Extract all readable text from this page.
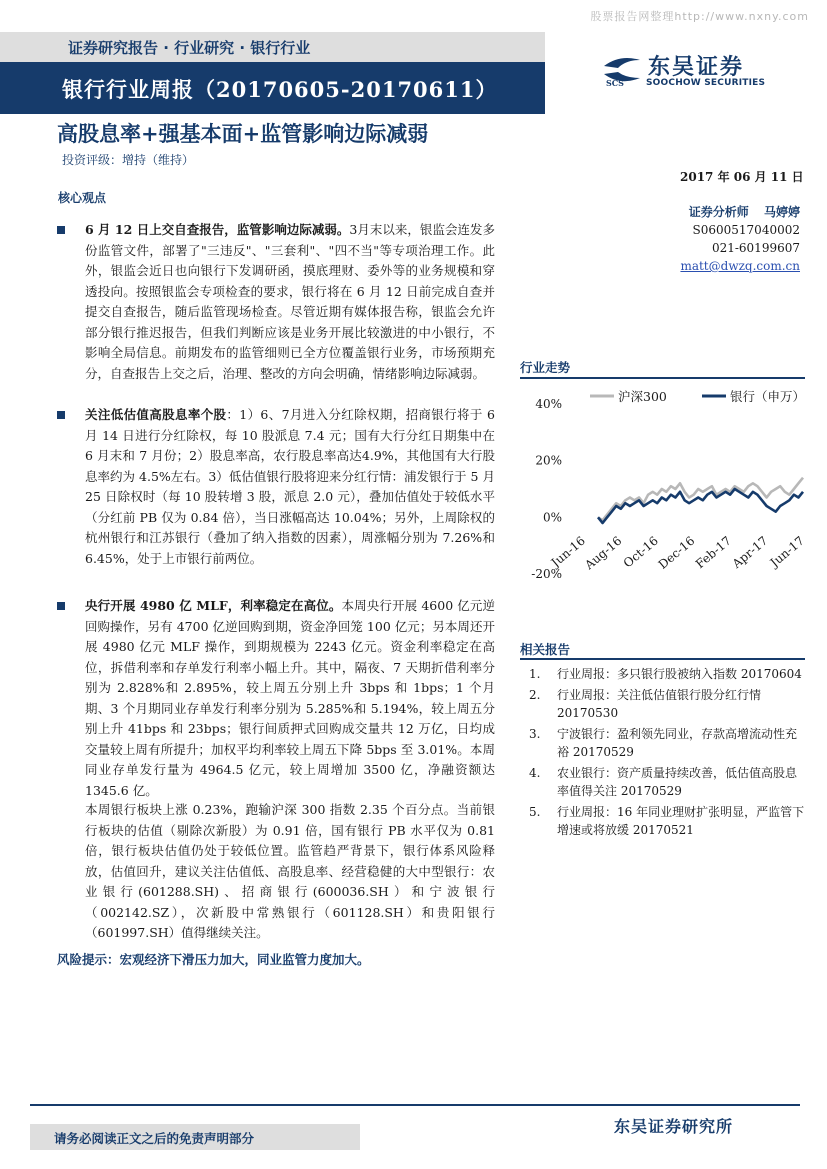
股票报告网整理http://www.nxny.com
证券研究报告 · 行业研究 · 银行行业
银行行业周报（20170605-20170611）	SCS
东吴证券
SOOCHOW SECURITIES
高股息率+强基本面+监管影响边际减弱
投资评级：增持（维持）
2017 年 06 月 11 日
核心观点
证券分析师 马婷婷
S0600517040002
021-60199607
matt@dwzq.com.cn
6 月 12 日上交自查报告，监管影响边际减弱。3月末以来，银监会连发多份监管文件，部署了"三违反"、"三套利"、"四不当"等专项治理工作。此外，银监会近日也向银行下发调研函，摸底理财、委外等的业务规模和穿透投向。按照银监会专项检查的要求，银行将在 6 月 12 日前完成自查并提交自查报告，随后监管现场检查。尽管近期有媒体报告称，银监会允许部分银行推迟报告，但我们判断应该是业务开展比较激进的中小银行，不影响全局信息。前期发布的监管细则已全方位覆盖银行业务，市场预期充分，自查报告上交之后，治理、整改的方向会明确，情绪影响边际减弱。
关注低估值高股息率个股：1）6、7月进入分红除权期，招商银行将于 6 月 14 日进行分红除权，每 10 股派息 7.4 元；国有大行分红日期集中在 6 月末和 7 月份；2）股息率高，农行股息率高达4.9%，其他国有大行股息率约为 4.5%左右。3）低估值银行股将迎来分红行情：浦发银行于 5 月 25 日除权时（每 10 股转增 3 股，派息 2.0 元），叠加估值处于较低水平（分红前 PB 仅为 0.84 倍），当日涨幅高达 10.04%；另外，上周除权的杭州银行和江苏银行（叠加了纳入指数的因素），周涨幅分别为 7.26%和 6.45%，处于上市银行前两位。
央行开展 4980 亿 MLF，利率稳定在高位。本周央行开展 4600 亿元逆回购操作，另有 4700 亿逆回购到期，资金净回笼 100 亿元；另本周还开展 4980 亿元 MLF 操作，到期规模为 2243 亿元。资金利率稳定在高位，拆借利率和存单发行利率小幅上升。其中，隔夜、7 天期折借利率分别为 2.828%和 2.895%，较上周五分别上升 3bps 和 1bps；1 个月期、3 个月期同业存单发行利率分别为 5.285%和 5.194%，较上周五分别上升 41bps 和 23bps；银行间质押式回购成交量共 12 万亿，日均成交量较上周有所提升；加权平均利率较上周五下降 5bps 至 3.01%。本周同业存单发行量为 4964.5 亿元，较上周增加 3500 亿，净融资额达 1345.6 亿。
本周银行板块上涨 0.23%，跑输沪深 300 指数 2.35 个百分点。当前银行板块的估值（剔除次新股）为 0.91 倍，国有银行 PB 水平仅为 0.81 倍，银行板块估值仍处于较低位置。监管趋严背景下，银行体系风险释放，估值回升，建议关注估值低、高股息率、经营稳健的大中型银行：农业银行(601288.SH)、招商银行(600036.SH）和宁波银行（002142.SZ），次新股中常熟银行（601128.SH）和贵阳银行（601997.SH）值得继续关注。
风险提示：宏观经济下滑压力加大，同业监管力度加大。
行业走势
40%
20%
0%
-20%
Jun-16
Aug-16
Oct-16
Dec-16
Feb-17
Apr-17
Jun-17
沪深300	银行（申万）
相关报告
1. 行业周报：多只银行股被纳入指数 20170604
2. 行业周报：关注低估值银行股分红行情 20170530
3. 宁波银行：盈利领先同业，存款高增流动性充裕 20170529
4. 农业银行：资产质量持续改善，低估值高股息率值得关注 20170529
5. 行业周报：16 年同业理财扩张明显，严监管下增速或将放缓 20170521
请务必阅读正文之后的免责声明部分
东吴证券研究所
